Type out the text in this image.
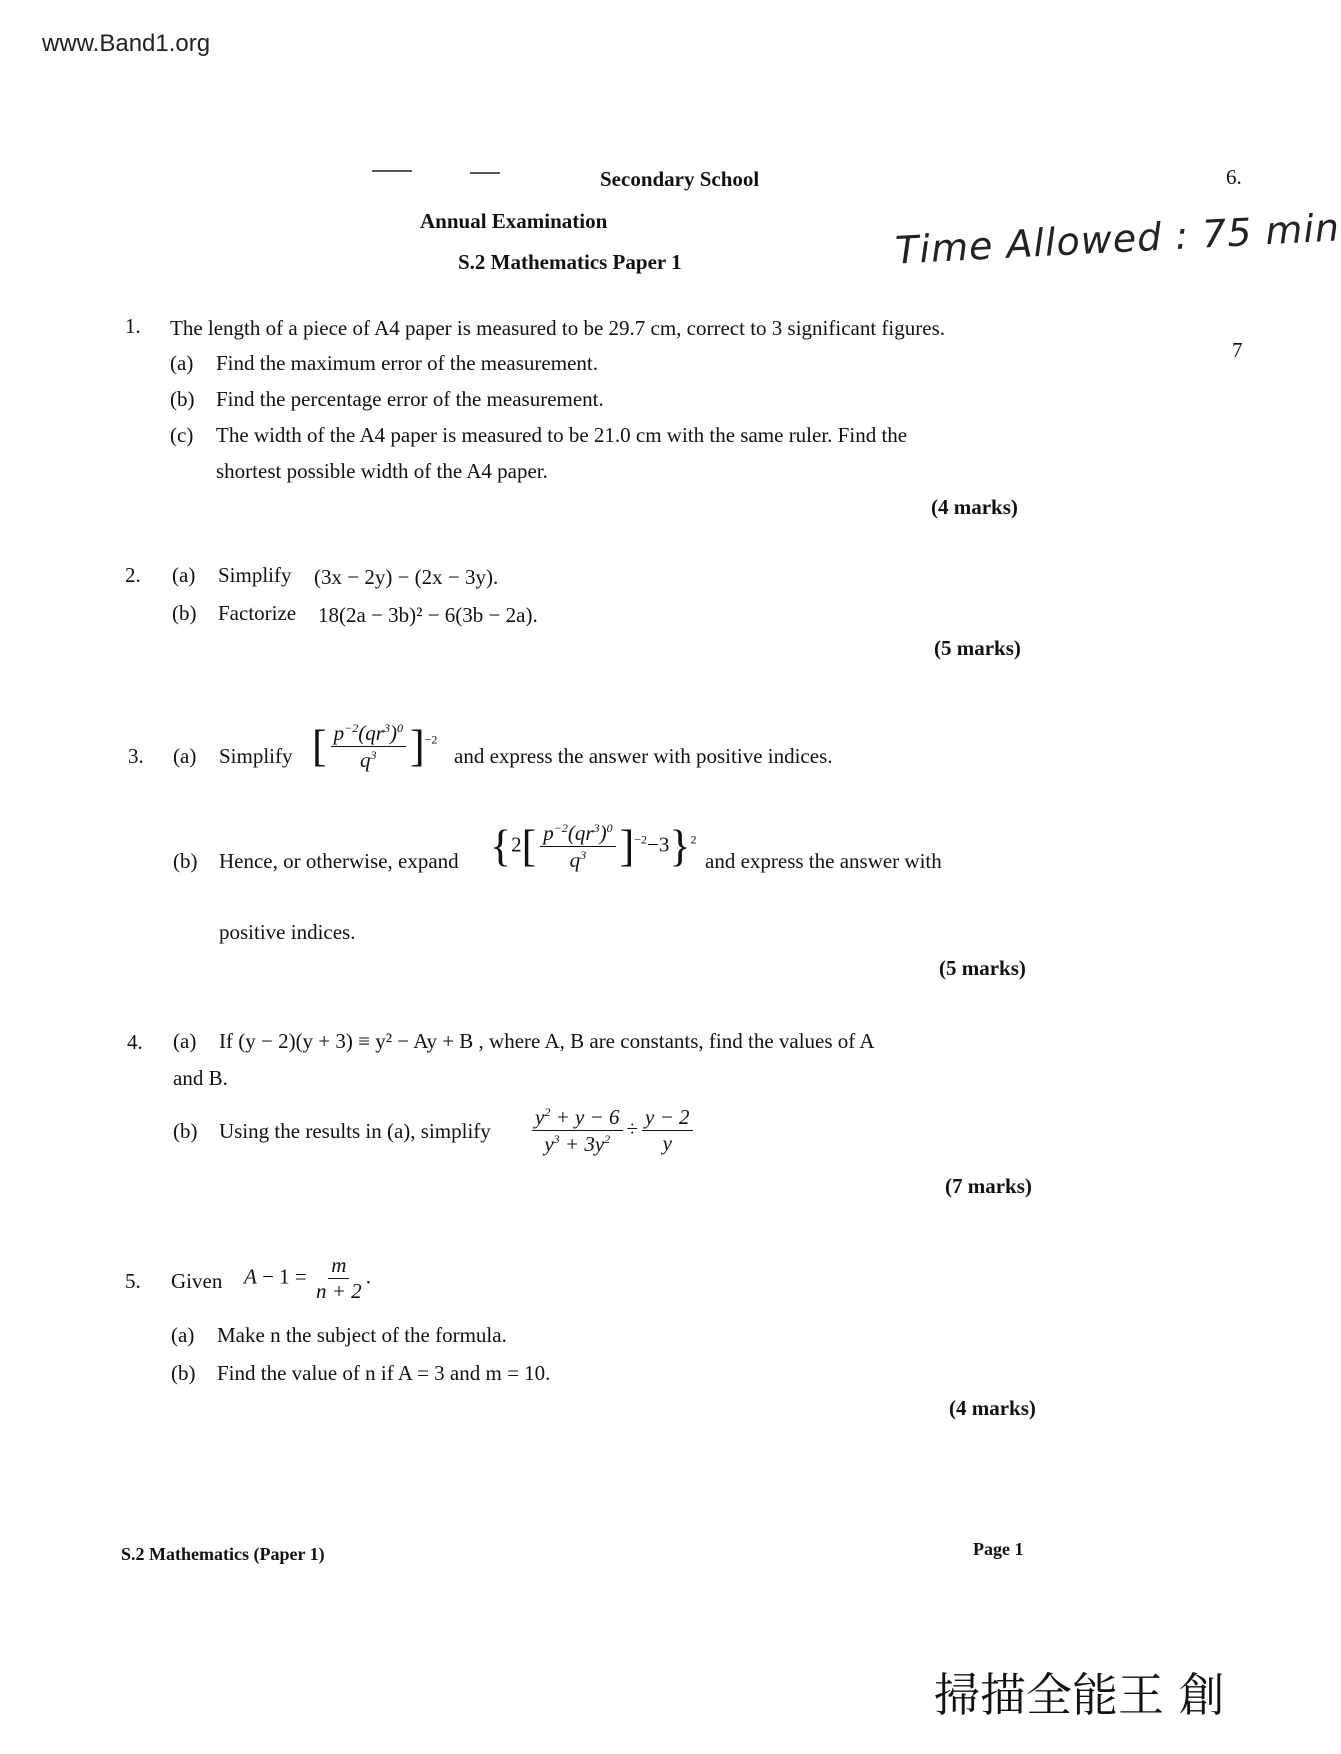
www.Band1.org
Secondary School
Annual Examination
S.2 Mathematics Paper 1	Time Allowed : 75 min
6.
7
1. The length of a piece of A4 paper is measured to be 29.7 cm, correct to 3 significant figures.
(a) Find the maximum error of the measurement.
(b) Find the percentage error of the measurement.
(c) The width of the A4 paper is measured to be 21.0 cm with the same ruler. Find the
shortest possible width of the A4 paper.
(4 marks)
2. (a) Simplify (3x − 2y) − (2x − 3y).
(b) Factorize 18(2a − 3b)² − 6(3b − 2a).
(5 marks)
3. (a) Simplify [ $\frac{p^{-2}(qr^3)^0}{q^3} ]^{-2}$
and express the answer with positive indices.
(b) Hence, or otherwise, expand $\{2[ \frac{p^{-2}(qr^3)^0}{q^3} ]^{-2}-3\}^2$
and express the answer with
positive indices.
(5 marks)
4. (a) If (y − 2)(y + 3) ≡ y² − Ay + B , where A, B are constants, find the values of A
and B.
(b) Using the results in (a), simplify $\frac{y^2 + y - 6}{y^3 + 3y^2} \div \frac{y - 2}{y}$
(7 marks)
5. Given $A - 1 = \frac{m}{n + 2}$ .
(a) Make n the subject of the formula.
(b) Find the value of n if A = 3 and m = 10.
(4 marks)
S.2 Mathematics (Paper 1)	Page 1
掃描全能王 創
